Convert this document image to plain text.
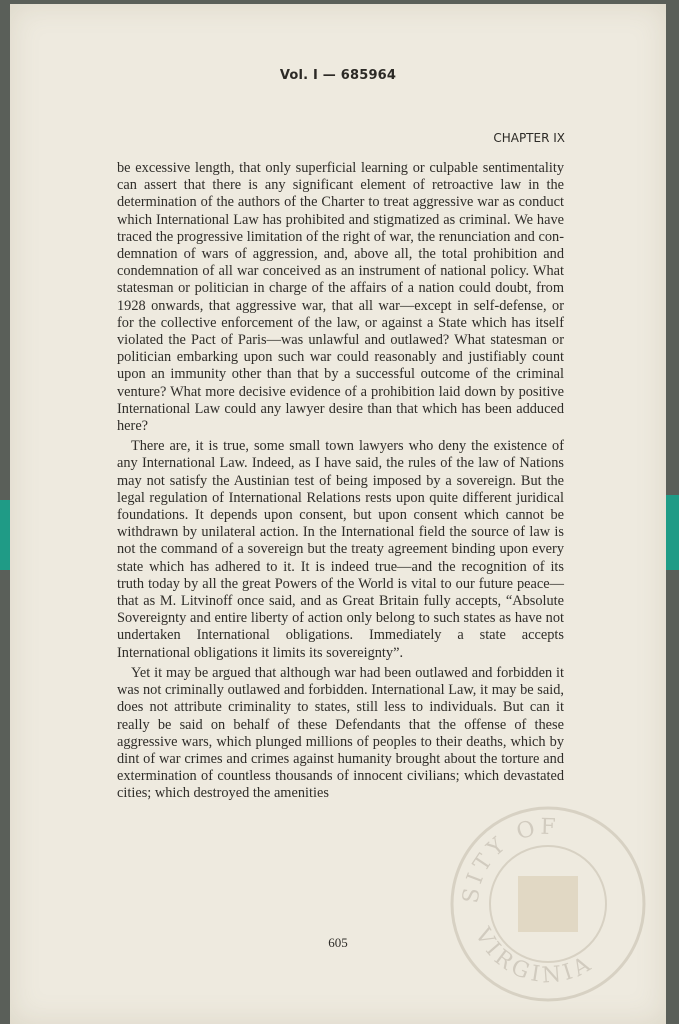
Vol. I — 685964
CHAPTER IX

be excessive length, that only superficial learning or culpable sentimentality can assert that there is any significant element of retroactive law in the determination of the authors of the Charter to treat aggressive war as conduct which International Law has prohibited and stigmatized as criminal. We have traced the progressive limitation of the right of war, the renunciation and condemnation of wars of aggression, and, above all, the total prohibition and condemnation of all war conceived as an instrument of national policy. What statesman or politician in charge of the affairs of a nation could doubt, from 1928 onwards, that aggressive war, that all war—except in self-defense, or for the collective enforcement of the law, or against a State which has itself violated the Pact of Paris—was unlawful and outlawed? What statesman or politician embarking upon such war could reasonably and justifiably count upon an immunity other than that by a successful outcome of the criminal venture? What more decisive evidence of a prohibition laid down by positive International Law could any lawyer desire than that which has been adduced here?

There are, it is true, some small town lawyers who deny the existence of any International Law. Indeed, as I have said, the rules of the law of Nations may not satisfy the Austinian test of being imposed by a sovereign. But the legal regulation of International Relations rests upon quite different juridical foundations. It depends upon consent, but upon consent which cannot be withdrawn by unilateral action. In the International field the source of law is not the command of a sovereign but the treaty agreement binding upon every state which has adhered to it. It is indeed true—and the recognition of its truth today by all the great Powers of the World is vital to our future peace—that as M. Litvinoff once said, and as Great Britain fully accepts, “Absolute Sovereignty and entire liberty of action only belong to such states as have not undertaken International obligations. Immediately a state accepts International obligations it limits its sovereignty”.

Yet it may be argued that although war had been outlawed and forbidden it was not criminally outlawed and forbidden. International Law, it may be said, does not attribute criminality to states, still less to individuals. But can it really be said on behalf of these Defendants that the offense of these aggressive wars, which plunged millions of peoples to their deaths, which by dint of war crimes and crimes against humanity brought about the torture and extermination of countless thousands of innocent civilians; which devastated cities; which destroyed the amenities

605
SITY OF
VIRGINIA
